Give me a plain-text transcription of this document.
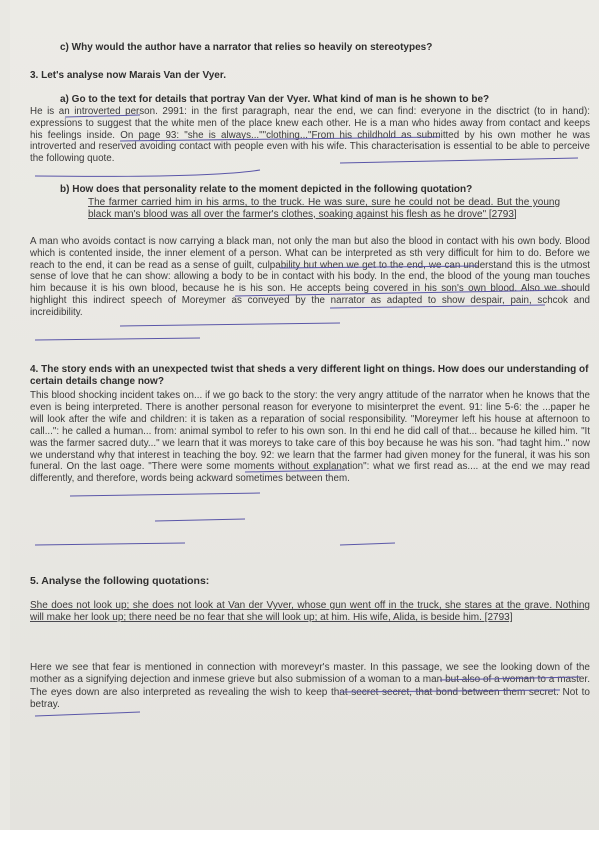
c) Why would the author have a narrator that relies so heavily on stereotypes?

3. Let's analyse now Marais Van der Vyer.

a) Go to the text for details that portray Van der Vyer. What kind of man is he shown to be?

He is an introverted person. 2991: in the first paragraph, near the end, we can find: everyone in the disctrict (to in hand): expressions to suggest that the white men of the place knew each other. He is a man who hides away from contact and keeps his feelings inside. On page 93: "she is always...""clothing..."From his childhold as submitted by his own mother he was introverted and reserved avoiding contact with people even with his wife. This characterisation is essential to be able to perceive the following quote.

b) How does that personality relate to the moment depicted in the following quotation?

The farmer carried him in his arms, to the truck. He was sure, sure he could not be dead. But the young black man's blood was all over the farmer's clothes, soaking against his flesh as he drove" [2793]

A man who avoids contact is now carrying a black man, not only the man but also the blood in contact with his own body. Blood which is contented inside, the inner element of a person. What can be interpreted as sth very difficult for him to do. Before we reach to the end, it can be read as a sense of guilt, culpability but when we get to the end, we can understand this is the utmost sense of love that he can show: allowing a body to be in contact with his body. In the end, the blood of the young man touches him because it is his own blood, because he is his son. He accepts being covered in his son's own blood. Also we should highlight this indirect speech of Moreymer as conveyed by the narrator as adapted to show despair, pain, schcok and increidibility.

4. The story ends with an unexpected twist that sheds a very different light on things. How does our understanding of certain details change now?

This blood shocking incident takes on... if we go back to the story: the very angry attitude of the narrator when he knows that the even is being interpreted. There is another personal reason for everyone to misinterpret the event. 91: line 5-6: the ...paper he will look after the wife and children: it is taken as a reparation of social responsibility. "Moreymer left his house at afternoon to call...": he called a human... from: animal symbol to refer to his own son. In thi end he did call of that... because he killed him. "It was the farmer sacred duty..." we learn that it was moreys to take care of this boy because he was his son. "had taght him.." now we understand why that interest in teaching the boy. 92: we learn that the farmer had given money for the funeral, it was his son funeral. On the last oage. "There were some moments without explanation": what we first read as.... at the end we may read differently, and therefore, words being ackward sometimes between them.

5. Analyse the following quotations:

She does not look up; she does not look at Van der Vyver, whose gun went off in the truck, she stares at the grave. Nothing will make her look up; there need be no fear that she will look up; at him. His wife, Alida, is beside him. [2793]

Here we see that fear is mentioned in connection with moreveyr's master. In this passage, we see the looking down of the mother as a signifying dejection and inmese grieve but also submission of a woman to a man but also of a woman to a master. The eyes down are also interpreted as revealing the wish to keep that secret secret, that bond between them secret. Not to betray.
